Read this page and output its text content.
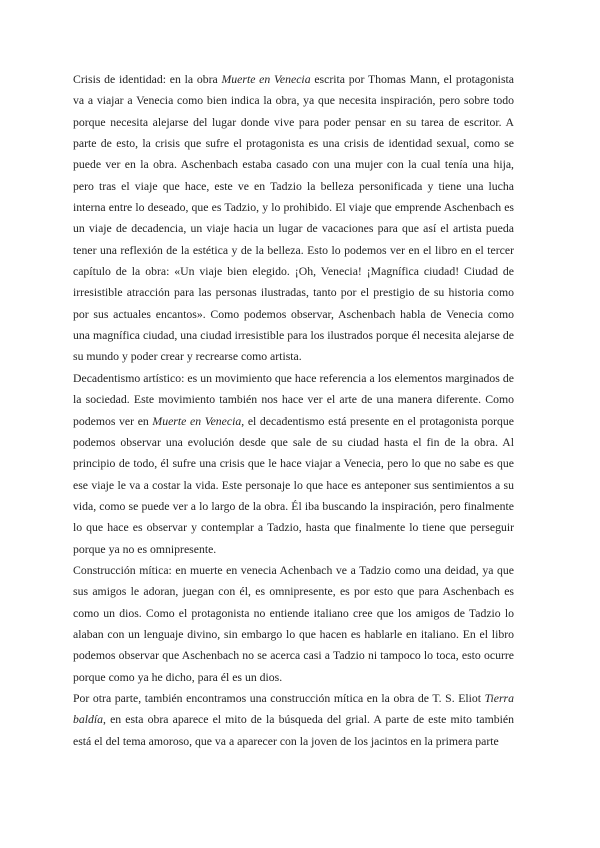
Crisis de identidad: en la obra Muerte en Venecia escrita por Thomas Mann, el protagonista va a viajar a Venecia como bien indica la obra, ya que necesita inspiración, pero sobre todo porque necesita alejarse del lugar donde vive para poder pensar en su tarea de escritor. A parte de esto, la crisis que sufre el protagonista es una crisis de identidad sexual, como se puede ver en la obra. Aschenbach estaba casado con una mujer con la cual tenía una hija, pero tras el viaje que hace, este ve en Tadzio la belleza personificada y tiene una lucha interna entre lo deseado, que es Tadzio, y lo prohibido. El viaje que emprende Aschenbach es un viaje de decadencia, un viaje hacia un lugar de vacaciones para que así el artista pueda tener una reflexión de la estética y de la belleza. Esto lo podemos ver en el libro en el tercer capítulo de la obra: «Un viaje bien elegido. ¡Oh, Venecia! ¡Magnífica ciudad! Ciudad de irresistible atracción para las personas ilustradas, tanto por el prestigio de su historia como por sus actuales encantos». Como podemos observar, Aschenbach habla de Venecia como una magnífica ciudad, una ciudad irresistible para los ilustrados porque él necesita alejarse de su mundo y poder crear y recrearse como artista.

Decadentismo artístico: es un movimiento que hace referencia a los elementos marginados de la sociedad. Este movimiento también nos hace ver el arte de una manera diferente. Como podemos ver en Muerte en Venecia, el decadentismo está presente en el protagonista porque podemos observar una evolución desde que sale de su ciudad hasta el fin de la obra. Al principio de todo, él sufre una crisis que le hace viajar a Venecia, pero lo que no sabe es que ese viaje le va a costar la vida. Este personaje lo que hace es anteponer sus sentimientos a su vida, como se puede ver a lo largo de la obra. Él iba buscando la inspiración, pero finalmente lo que hace es observar y contemplar a Tadzio, hasta que finalmente lo tiene que perseguir porque ya no es omnipresente.

Construcción mítica: en muerte en venecia Achenbach ve a Tadzio como una deidad, ya que sus amigos le adoran, juegan con él, es omnipresente, es por esto que para Aschenbach es como un dios. Como el protagonista no entiende italiano cree que los amigos de Tadzio lo alaban con un lenguaje divino, sin embargo lo que hacen es hablarle en italiano. En el libro podemos observar que Aschenbach no se acerca casi a Tadzio ni tampoco lo toca, esto ocurre porque como ya he dicho, para él es un dios.

Por otra parte, también encontramos una construcción mítica en la obra de T. S. Eliot Tierra baldía, en esta obra aparece el mito de la búsqueda del grial. A parte de este mito también está el del tema amoroso, que va a aparecer con la joven de los jacintos en la primera parte
